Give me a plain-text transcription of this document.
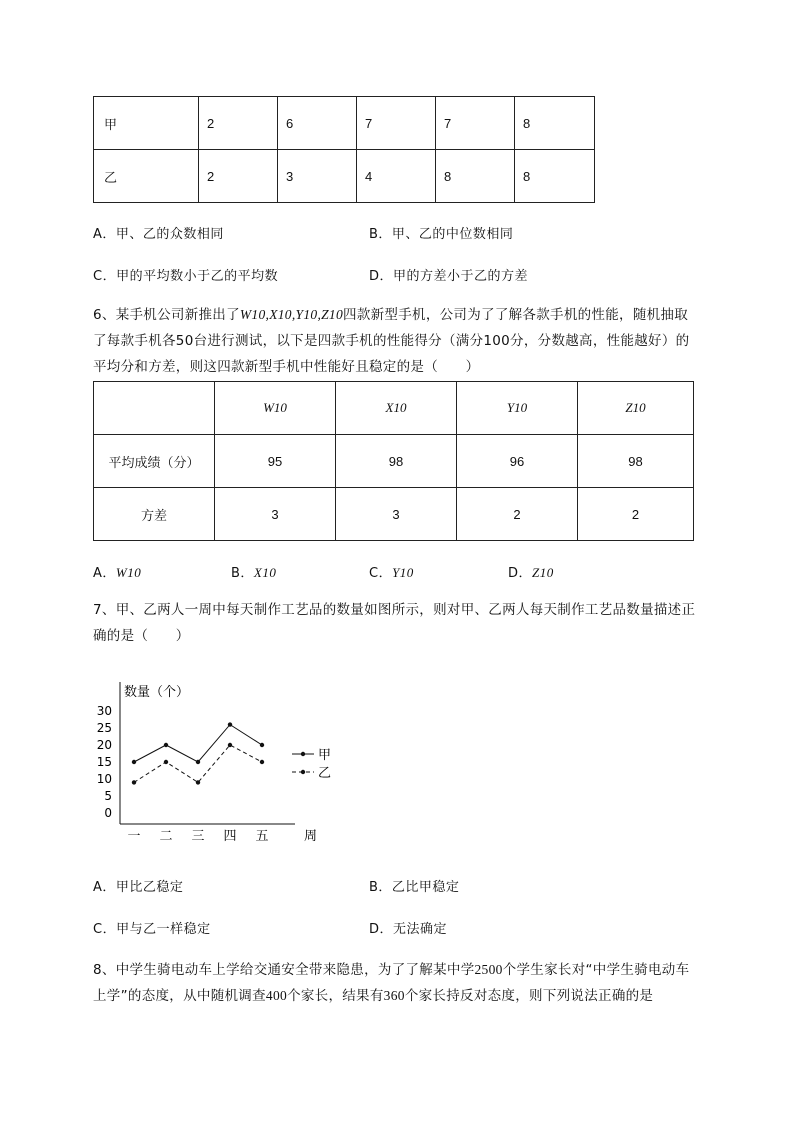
甲	2	6	7	7	8
乙	2	3	4	8	8
A．甲、乙的众数相同	B．甲、乙的中位数相同
C．甲的平均数小于乙的平均数	D．甲的方差小于乙的方差
6、某手机公司新推出了W10,X10,Y10,Z10四款新型手机，公司为了了解各款手机的性能，随机抽取
了每款手机各50台进行测试，以下是四款手机的性能得分（满分100分，分数越高，性能越好）的
平均分和方差，则这四款新型手机中性能好且稳定的是（　　）
	W10	X10	Y10	Z10
平均成绩（分）	95	98	96	98
方差	3	3	2	2
A．W10	B．X10	C．Y10	D．Z10
7、甲、乙两人一周中每天制作工艺品的数量如图所示，则对甲、乙两人每天制作工艺品数量描述正
确的是（　　）
数量（个）
周
0
5
10
15
20
25
30
一 二 三 四 五
甲
乙
A．甲比乙稳定	B．乙比甲稳定
C．甲与乙一样稳定	D．无法确定
8、中学生骑电动车上学给交通安全带来隐患，为了了解某中学2500个学生家长对“中学生骑电动车
上学”的态度，从中随机调查400个家长，结果有360个家长持反对态度，则下列说法正确的是
